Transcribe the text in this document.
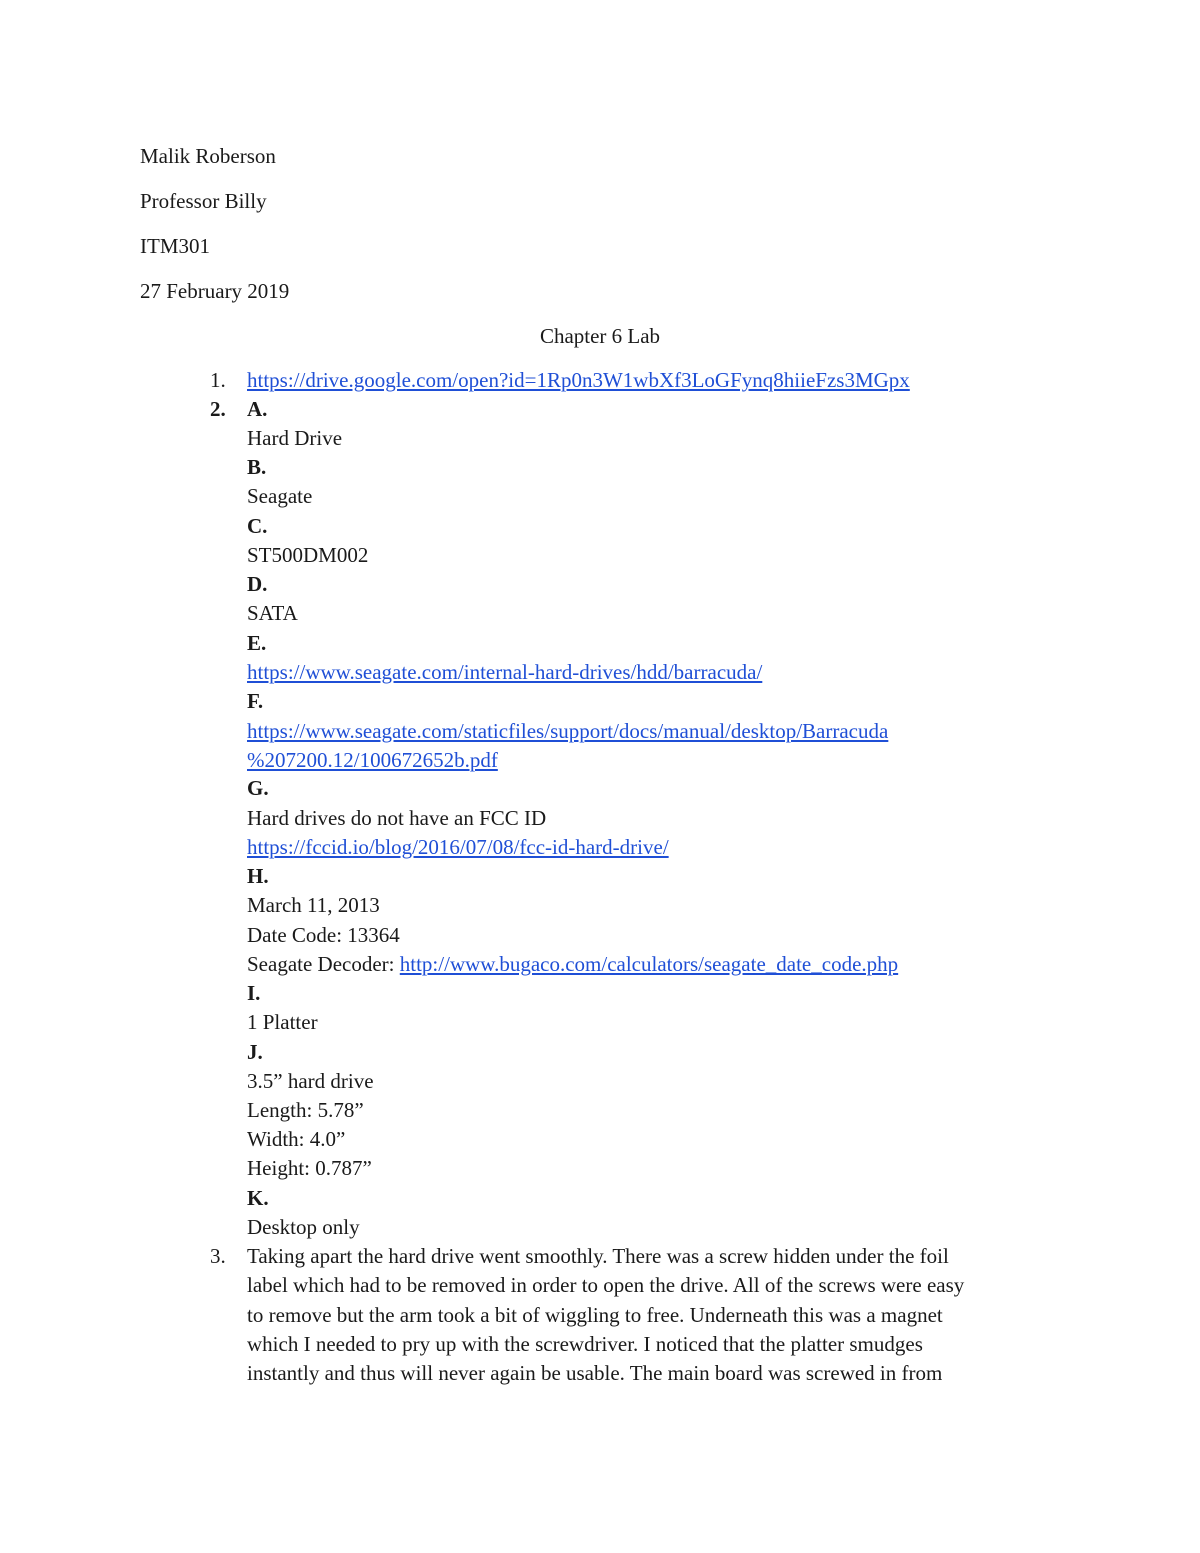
Malik Roberson
Professor Billy
ITM301
27 February 2019
Chapter 6 Lab
1. https://drive.google.com/open?id=1Rp0n3W1wbXf3LoGFynq8hiieFzs3MGpx
2. A.
Hard Drive
B.
Seagate
C.
ST500DM002
D.
SATA
E.
https://www.seagate.com/internal-hard-drives/hdd/barracuda/
F.
https://www.seagate.com/staticfiles/support/docs/manual/desktop/Barracuda
%207200.12/100672652b.pdf
G.
Hard drives do not have an FCC ID
https://fccid.io/blog/2016/07/08/fcc-id-hard-drive/
H.
March 11, 2013
Date Code: 13364
Seagate Decoder: http://www.bugaco.com/calculators/seagate_date_code.php
I.
1 Platter
J.
3.5” hard drive
Length: 5.78”
Width: 4.0”
Height: 0.787”
K.
Desktop only
3. Taking apart the hard drive went smoothly. There was a screw hidden under the foil
label which had to be removed in order to open the drive. All of the screws were easy
to remove but the arm took a bit of wiggling to free. Underneath this was a magnet
which I needed to pry up with the screwdriver. I noticed that the platter smudges
instantly and thus will never again be usable. The main board was screwed in from
